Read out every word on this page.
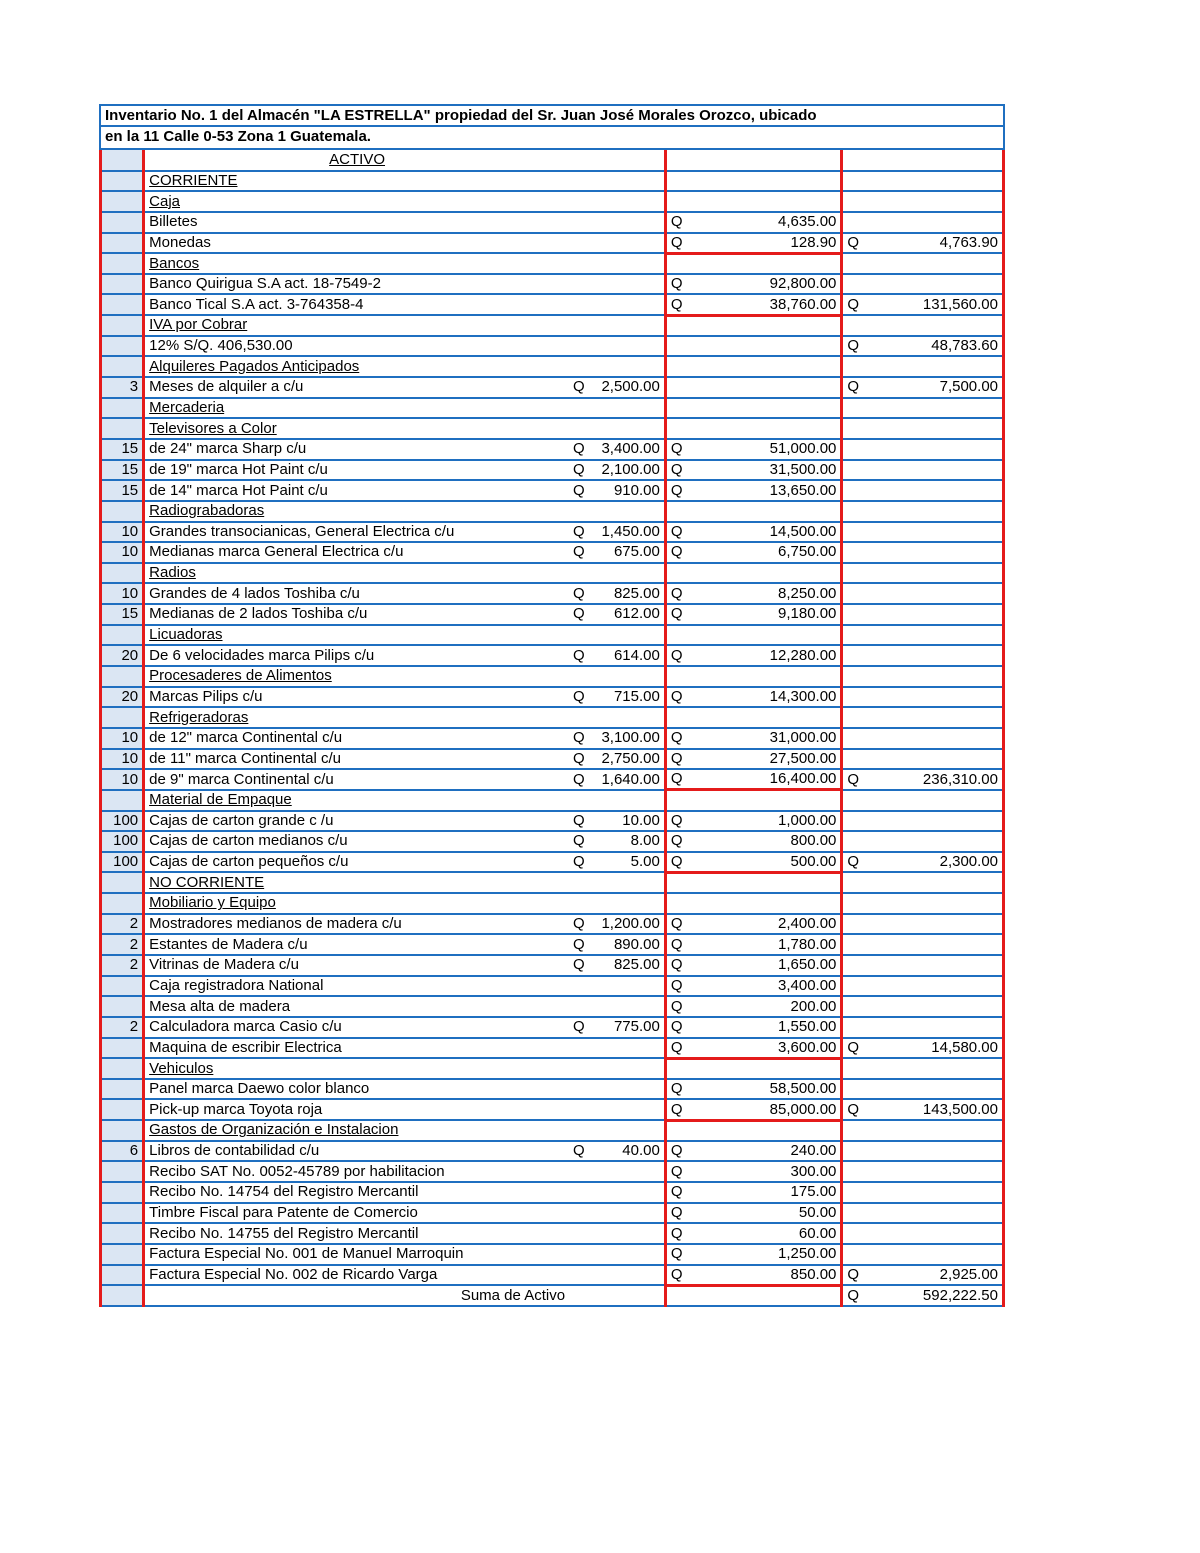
Inventario No. 1 del Almacén "LA ESTRELLA" propiedad del Sr. Juan José Morales Orozco, ubicado
en la 11 Calle 0-53 Zona 1 Guatemala.
	ACTIVO						
	CORRIENTE						
	Caja						
	Billetes			Q	4,635.00		
	Monedas			Q	128.90	Q	4,763.90
	Bancos						
	Banco Quirigua S.A act. 18-7549-2			Q	92,800.00		
	Banco Tical S.A act. 3-764358-4			Q	38,760.00	Q	131,560.00
	IVA por Cobrar						
	12% S/Q. 406,530.00					Q	48,783.60
	Alquileres Pagados Anticipados						
3	Meses de alquiler a c/u	Q	2,500.00			Q	7,500.00
	Mercaderia						
	Televisores a Color						
15	de 24" marca Sharp c/u	Q	3,400.00	Q	51,000.00		
15	de 19" marca Hot Paint c/u	Q	2,100.00	Q	31,500.00		
15	de 14" marca Hot Paint c/u	Q	910.00	Q	13,650.00		
	Radiograbadoras						
10	Grandes transocianicas, General Electrica c/u	Q	1,450.00	Q	14,500.00		
10	Medianas marca General Electrica c/u	Q	675.00	Q	6,750.00		
	Radios						
10	Grandes de 4 lados Toshiba c/u	Q	825.00	Q	8,250.00		
15	Medianas de 2 lados Toshiba c/u	Q	612.00	Q	9,180.00		
	Licuadoras						
20	De 6 velocidades marca Pilips c/u	Q	614.00	Q	12,280.00		
	Procesaderes de Alimentos						
20	Marcas Pilips c/u	Q	715.00	Q	14,300.00		
	Refrigeradoras						
10	de 12" marca Continental c/u	Q	3,100.00	Q	31,000.00		
10	de 11" marca Continental c/u	Q	2,750.00	Q	27,500.00		
10	de 9" marca Continental c/u	Q	1,640.00	Q	16,400.00	Q	236,310.00
	Material de Empaque						
100	Cajas de carton grande c /u	Q	10.00	Q	1,000.00		
100	Cajas de carton medianos c/u	Q	8.00	Q	800.00		
100	Cajas de carton pequeños c/u	Q	5.00	Q	500.00	Q	2,300.00
	NO CORRIENTE						
	Mobiliario y Equipo						
2	Mostradores medianos de madera c/u	Q	1,200.00	Q	2,400.00		
2	Estantes de Madera c/u	Q	890.00	Q	1,780.00		
2	Vitrinas de Madera c/u	Q	825.00	Q	1,650.00		
	Caja registradora National			Q	3,400.00		
	Mesa alta de madera			Q	200.00		
2	Calculadora marca Casio c/u	Q	775.00	Q	1,550.00		
	Maquina de escribir Electrica			Q	3,600.00	Q	14,580.00
	Vehiculos						
	Panel marca Daewo color blanco			Q	58,500.00		
	Pick-up marca Toyota roja			Q	85,000.00	Q	143,500.00
	Gastos de Organización e Instalacion						
6	Libros de contabilidad c/u	Q	40.00	Q	240.00		
	Recibo SAT No. 0052-45789 por habilitacion			Q	300.00		
	Recibo No. 14754 del Registro Mercantil			Q	175.00		
	Timbre Fiscal para Patente de Comercio			Q	50.00		
	Recibo No. 14755 del Registro Mercantil			Q	60.00		
	Factura Especial No. 001 de Manuel Marroquin			Q	1,250.00		
	Factura Especial No. 002 de Ricardo Varga			Q	850.00	Q	2,925.00
	Suma de Activo					Q	592,222.50
